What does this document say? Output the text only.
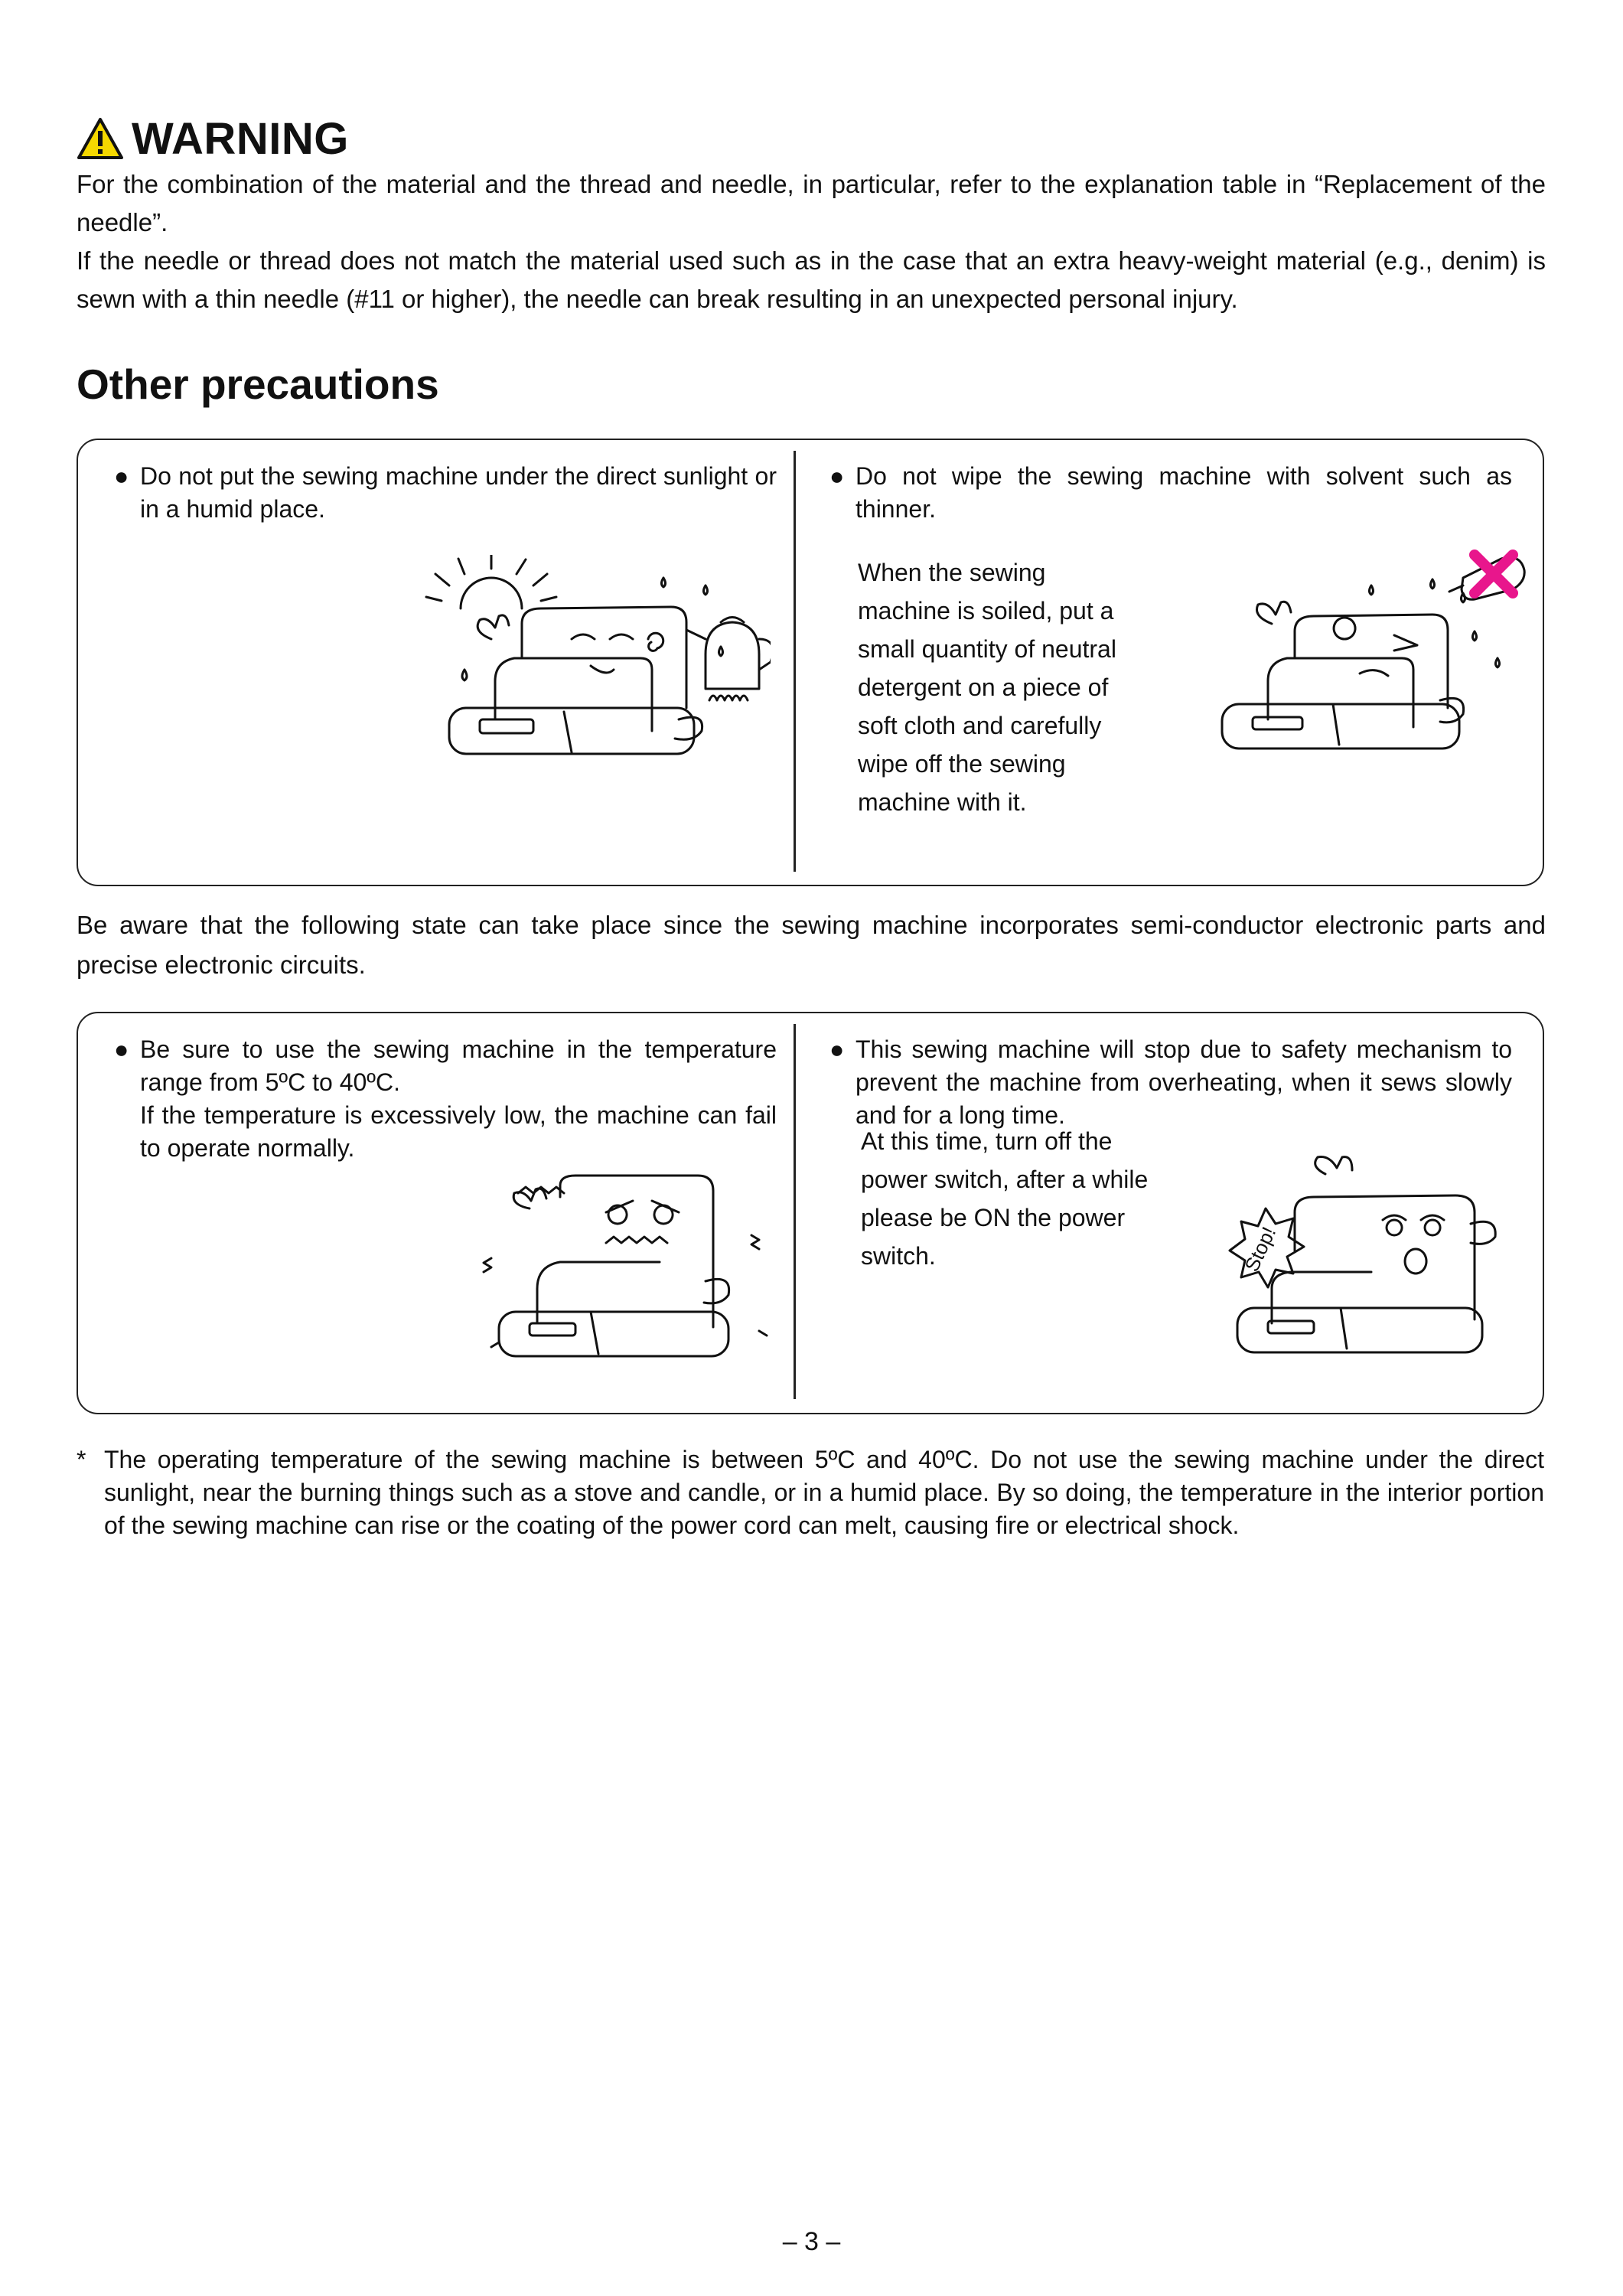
WARNING
For the combination of the material and the thread and needle, in particular, refer to the explanation table in “Replacement of the needle”.
If the needle or thread does not match the material used such as in the case that an extra heavy-weight material (e.g., denim) is sewn with a thin needle (#11 or higher), the needle can break resulting in an unexpected personal injury.
Other precautions
● Do not put the sewing machine under the direct sunlight or in a humid place.
● Do not wipe the sewing machine with solvent such as thinner.
When the sewing
machine is soiled, put a
small quantity of neutral
detergent on a piece of
soft cloth and carefully
wipe off the sewing
machine with it.
Be aware that the following state can take place since the sewing machine incorporates semi-conductor electronic parts and precise electronic circuits.
● Be sure to use the sewing machine in the temperature range from 5ºC to 40ºC.
If the temperature is excessively low, the machine can fail to operate normally.
● This sewing machine will stop due to safety mechanism to prevent the machine from overheating, when it sews slowly and for a long time.
At this time, turn off the
power switch, after a while
please be ON the power
switch.	Stop!
* The operating temperature of the sewing machine is between 5ºC and 40ºC. Do not use the sewing machine under the direct sunlight, near the burning things such as a stove and candle, or in a humid place. By so doing, the temperature in the interior portion of the sewing machine can rise or the coating of the power cord can melt, causing fire or electrical shock.
– 3 –
